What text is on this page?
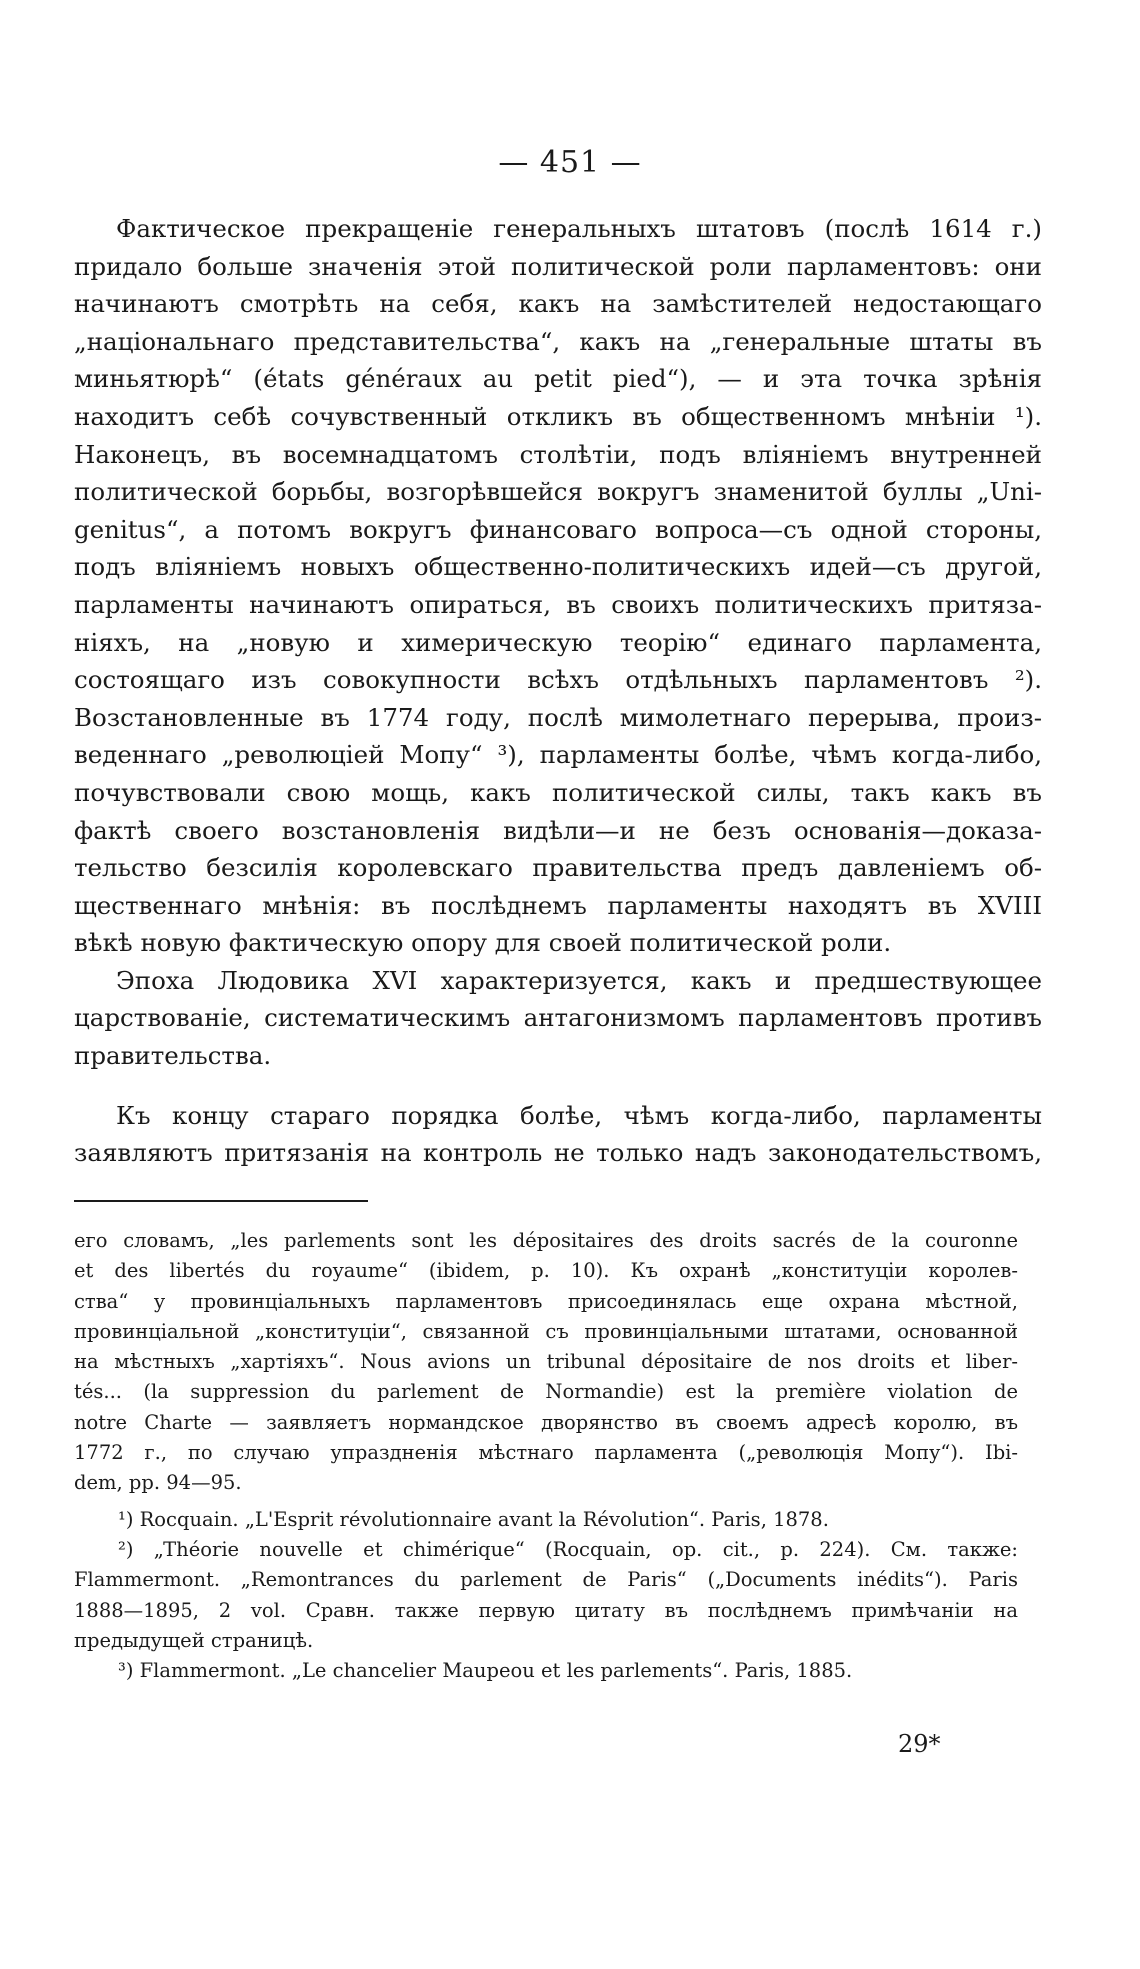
— 451 —
Фактическое прекращенiе генеральныхъ штатовъ (послѣ 1614 г.)
придало больше значенiя этой политической роли парламентовъ: они
начинаютъ смотрѣть на себя, какъ на замѣстителей недостающаго
„нацiональнаго представительства“, какъ на „генеральные штаты въ
миньятюрѣ“ (états généraux au petit pied“), — и эта точка зрѣнiя
находитъ себѣ сочувственный откликъ въ общественномъ мнѣнiи ¹).
Наконецъ, въ восемнадцатомъ столѣтiи, подъ влiянiемъ внутренней
политической борьбы, возгорѣвшейся вокругъ знаменитой буллы „Uni-
genitus“, а потомъ вокругъ финансоваго вопроса—съ одной стороны,
подъ влiянiемъ новыхъ общественно-политическихъ идей—съ другой,
парламенты начинаютъ опираться, въ своихъ политическихъ притяза-
нiяхъ, на „новую и химерическую теорiю“ единаго парламента,
состоящаго изъ совокупности всѣхъ отдѣльныхъ парламентовъ ²).
Возстановленные въ 1774 году, послѣ мимолетнаго перерыва, произ-
веденнаго „революцiей Мопу“ ³), парламенты болѣе, чѣмъ когда-либо,
почувствовали свою мощь, какъ политической силы, такъ какъ въ
фактѣ своего возстановленiя видѣли—и не безъ основанiя—доказа-
тельство безсилiя королевскаго правительства предъ давленiемъ об-
щественнаго мнѣнiя: въ послѣднемъ парламенты находятъ въ XVIII
вѣкѣ новую фактическую опору для своей политической роли.
Эпоха Людовика XVI характеризуется, какъ и предшествующее
царствованiе, систематическимъ антагонизмомъ парламентовъ противъ
правительства.
Къ концу стараго порядка болѣе, чѣмъ когда-либо, парламенты
заявляютъ притязанiя на контроль не только надъ законодательствомъ,
его словамъ, „les parlements sont les dépositaires des droits sacrés de la couronne
et des libertés du royaume“ (ibidem, p. 10). Къ охранѣ „конституцiи королев-
ства“ у провинцiальныхъ парламентовъ присоединялась еще охрана мѣстной,
провинцiальной „конституцiи“, связанной съ провинцiальными штатами, основанной
на мѣстныхъ „хартiяхъ“. Nous avions un tribunal dépositaire de nos droits et liber-
tés... (la suppression du parlement de Normandie) est la première violation de
notre Charte — заявляетъ нормандское дворянство въ своемъ адресѣ королю, въ
1772 г., по случаю упраздненiя мѣстнаго парламента („революцiя Мопу“). Ibi-
dem, pp. 94—95.
¹) Rocquain. „L'Esprit révolutionnaire avant la Révolution“. Paris, 1878.
²) „Théorie nouvelle et chimérique“ (Rocquain, op. cit., p. 224). См. также:
Flammermont. „Remontrances du parlement de Paris“ („Documents inédits“). Paris
1888—1895, 2 vol. Сравн. также первую цитату въ послѣднемъ примѣчанiи на
предыдущей страницѣ.
³) Flammermont. „Le chancelier Maupeou et les parlements“. Paris, 1885.
29*
